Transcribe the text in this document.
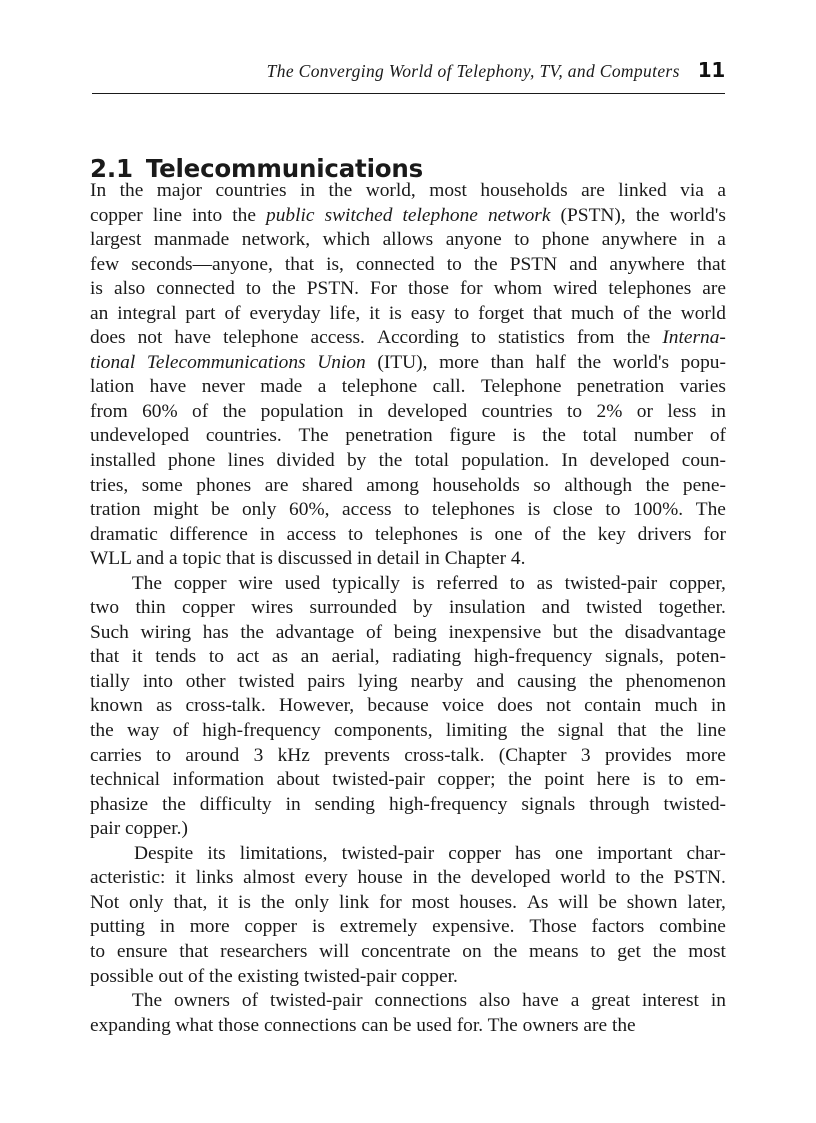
The Converging World of Telephony, TV, and Computers 11
2.1 Telecommunications
In the major countries in the world, most households are linked via a
copper line into the public switched telephone network (PSTN), the world's
largest manmade network, which allows anyone to phone anywhere in a
few seconds—anyone, that is, connected to the PSTN and anywhere that
is also connected to the PSTN. For those for whom wired telephones are
an integral part of everyday life, it is easy to forget that much of the world
does not have telephone access. According to statistics from the Interna-
tional Telecommunications Union (ITU), more than half the world's popu-
lation have never made a telephone call. Telephone penetration varies
from 60% of the population in developed countries to 2% or less in
undeveloped countries. The penetration figure is the total number of
installed phone lines divided by the total population. In developed coun-
tries, some phones are shared among households so although the pene-
tration might be only 60%, access to telephones is close to 100%. The
dramatic difference in access to telephones is one of the key drivers for
WLL and a topic that is discussed in detail in Chapter 4.
The copper wire used typically is referred to as twisted-pair copper,
two thin copper wires surrounded by insulation and twisted together.
Such wiring has the advantage of being inexpensive but the disadvantage
that it tends to act as an aerial, radiating high-frequency signals, poten-
tially into other twisted pairs lying nearby and causing the phenomenon
known as cross-talk. However, because voice does not contain much in
the way of high-frequency components, limiting the signal that the line
carries to around 3 kHz prevents cross-talk. (Chapter 3 provides more
technical information about twisted-pair copper; the point here is to em-
phasize the difficulty in sending high-frequency signals through twisted-
pair copper.)
Despite its limitations, twisted-pair copper has one important char-
acteristic: it links almost every house in the developed world to the PSTN.
Not only that, it is the only link for most houses. As will be shown later,
putting in more copper is extremely expensive. Those factors combine
to ensure that researchers will concentrate on the means to get the most
possible out of the existing twisted-pair copper.
The owners of twisted-pair connections also have a great interest in
expanding what those connections can be used for. The owners are the
